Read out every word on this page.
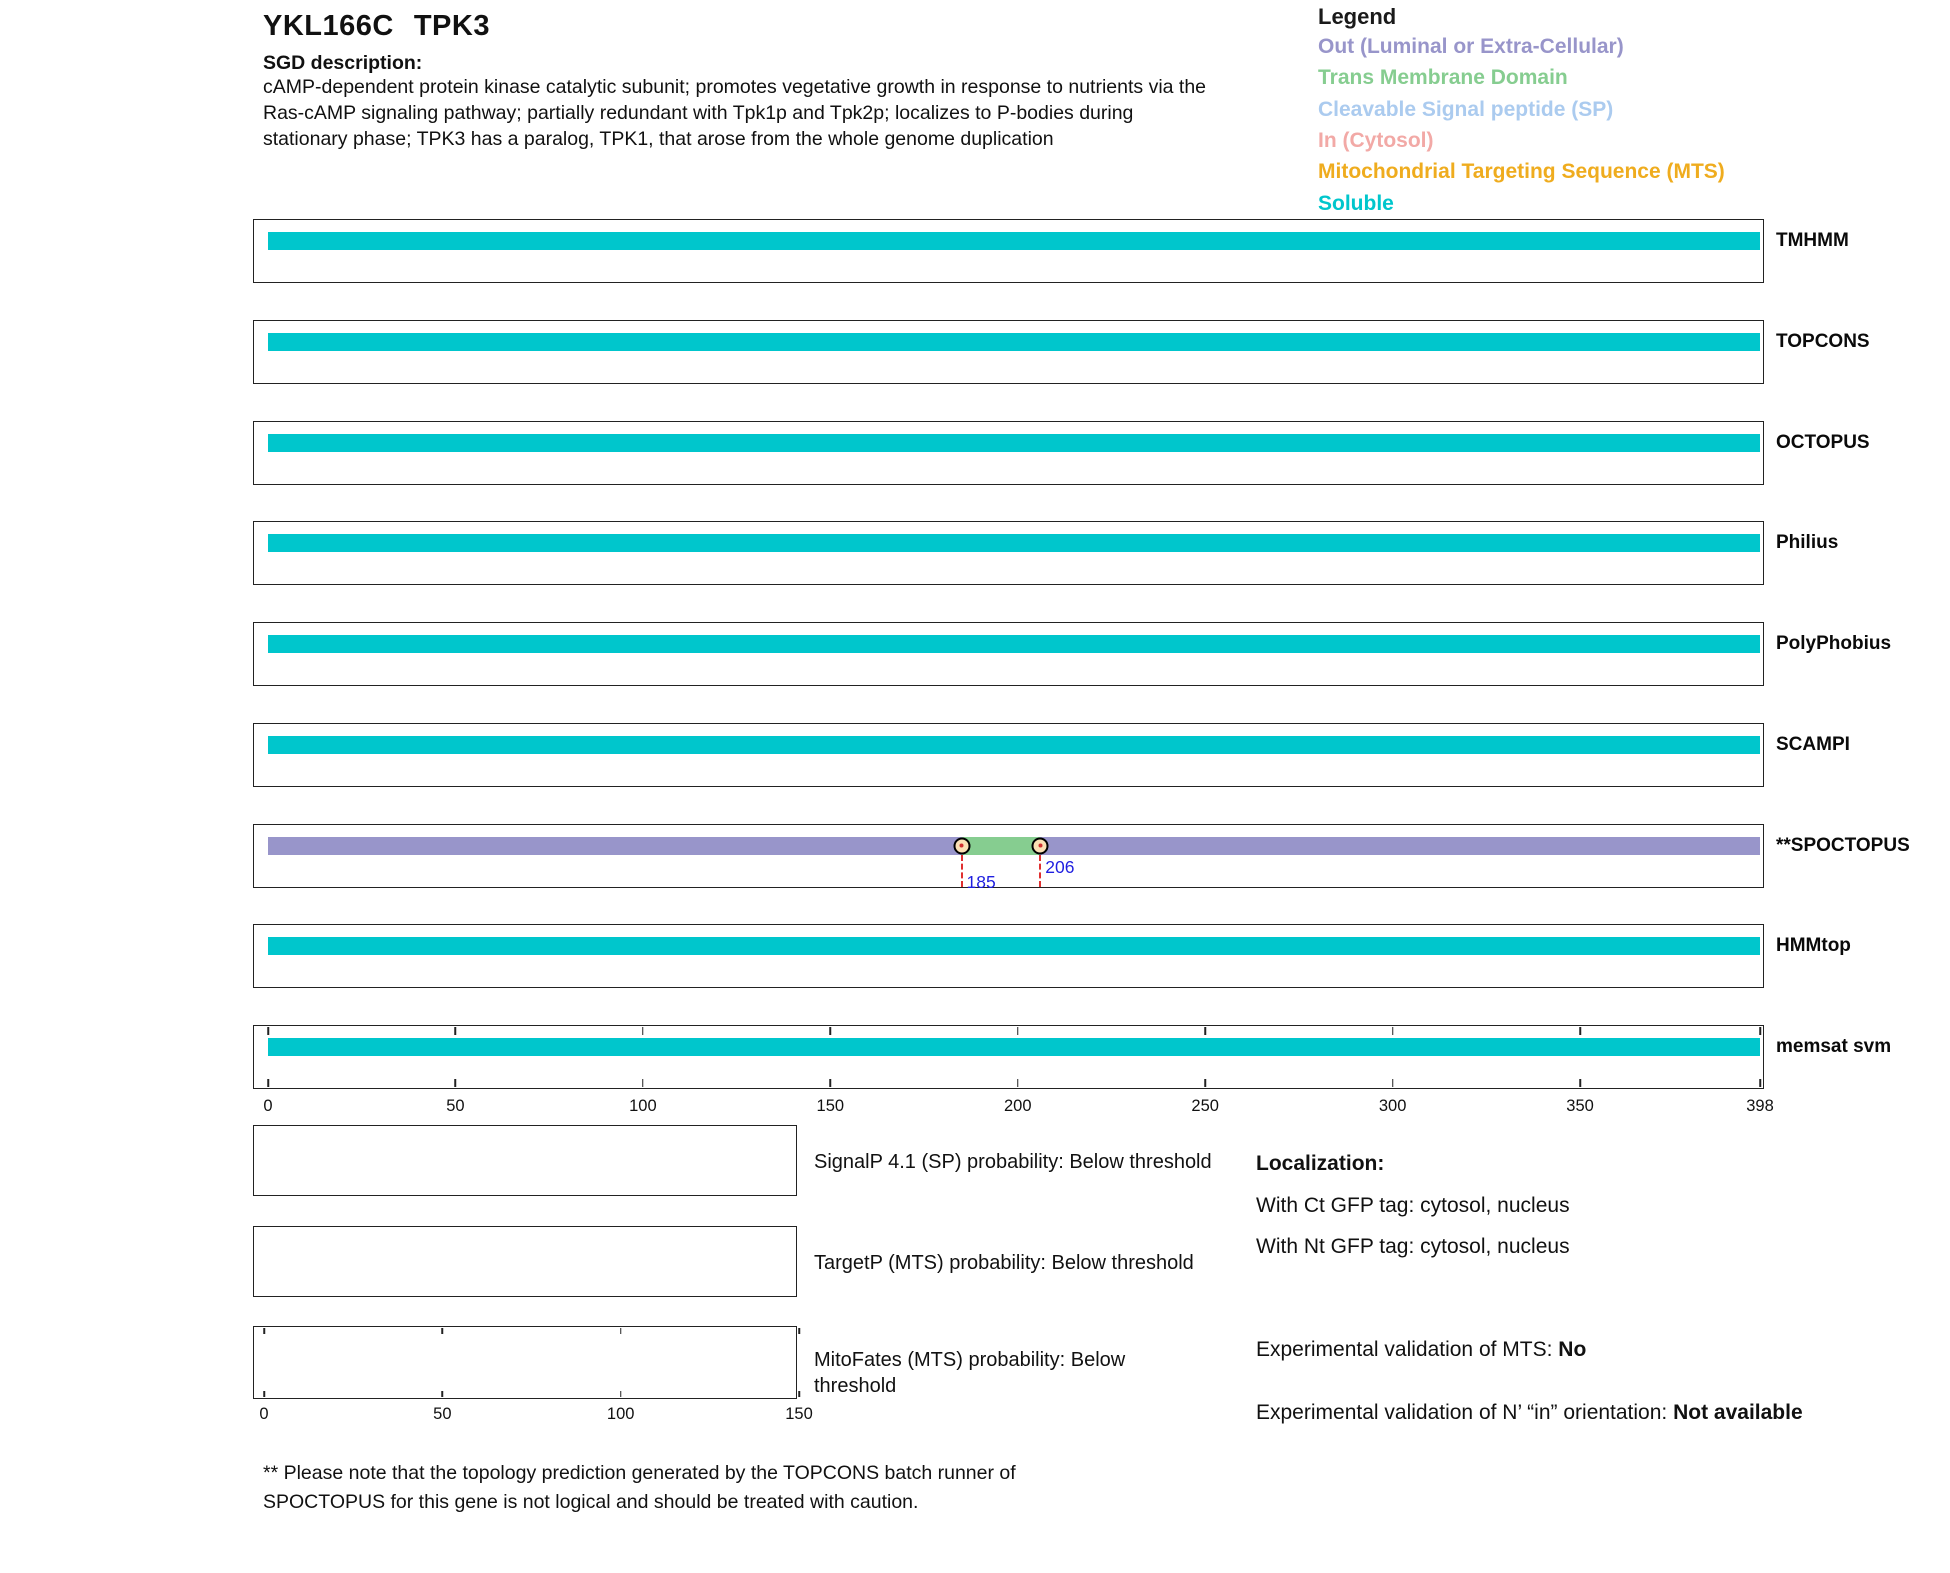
YKL166C TPK3
SGD description:
cAMP-dependent protein kinase catalytic subunit; promotes vegetative growth in response to nutrients via the
Ras-cAMP signaling pathway; partially redundant with Tpk1p and Tpk2p; localizes to P-bodies during
stationary phase; TPK3 has a paralog, TPK1, that arose from the whole genome duplication
Legend
Out (Luminal or Extra-Cellular)
Trans Membrane Domain
Cleavable Signal peptide (SP)
In (Cytosol)
Mitochondrial Targeting Sequence (MTS)
Soluble
SignalP 4.1 (SP) probability: Below threshold
TargetP (MTS) probability: Below threshold
MitoFates (MTS) probability: Below
threshold
Localization:
With Ct GFP tag: cytosol, nucleus
With Nt GFP tag: cytosol, nucleus
Experimental validation of MTS: No
Experimental validation of N’ “in” orientation: Not available
** Please note that the topology prediction generated by the TOPCONS batch runner of
SPOCTOPUS for this gene is not logical and should be treated with caution.
TMHMM
TOPCONS
OCTOPUS
Philius
PolyPhobius
SCAMPI
185
206
**SPOCTOPUS
HMMtop
memsat svm
0	50	100	150	200	250	300	350	398
0	50	100	150
